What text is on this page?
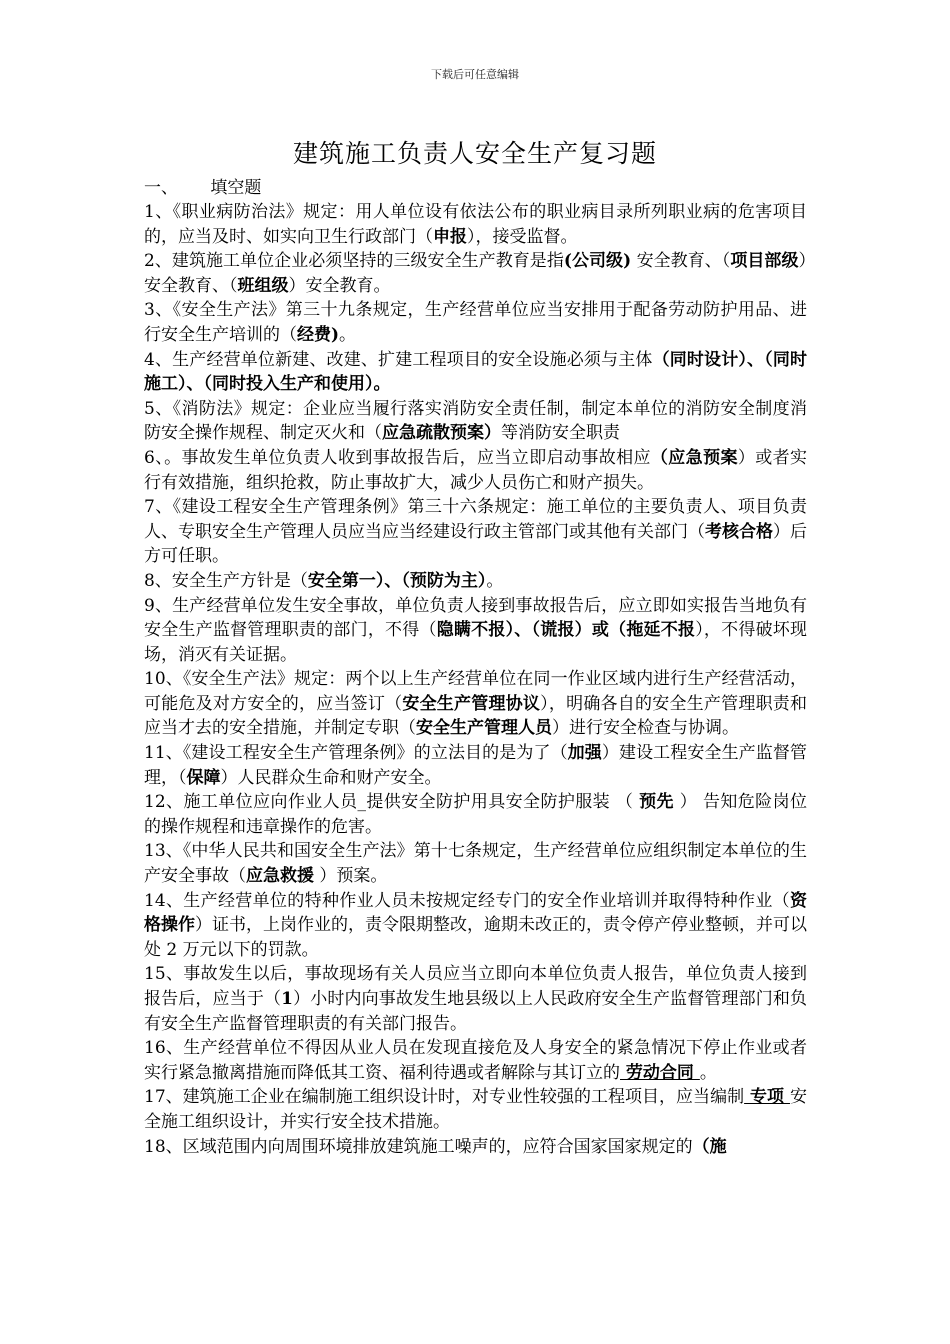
下载后可任意编辑
建筑施工负责人安全生产复习题
一、      填空题
1、《职业病防治法》规定：用人单位设有依法公布的职业病目录所列职业病的危害项目的，应当及时、如实向卫生行政部门（申报），接受监督。
2、建筑施工单位企业必须坚持的三级安全生产教育是指(公司级) 安全教育、（项目部级）安全教育、（班组级）安全教育。
3、《安全生产法》第三十九条规定，生产经营单位应当安排用于配备劳动防护用品、进行安全生产培训的（经费)。
4、生产经营单位新建、改建、扩建工程项目的安全设施必须与主体（同时设计）、（同时施工）、（同时投入生产和使用）。
5、《消防法》规定：企业应当履行落实消防安全责任制，制定本单位的消防安全制度消防安全操作规程、制定灭火和（应急疏散预案）等消防安全职责
6、。事故发生单位负责人收到事故报告后，应当立即启动事故相应（应急预案）或者实行有效措施，组织抢救，防止事故扩大，减少人员伤亡和财产损失。
7、《建设工程安全生产管理条例》第三十六条规定：施工单位的主要负责人、项目负责人、专职安全生产管理人员应当应当经建设行政主管部门或其他有关部门（考核合格）后方可任职。
8、安全生产方针是（安全第一）、（预防为主）。
9、生产经营单位发生安全事故，单位负责人接到事故报告后，应立即如实报告当地负有安全生产监督管理职责的部门，不得（隐瞒不报）、（谎报）或（拖延不报），不得破坏现场，消灭有关证据。
10、《安全生产法》规定：两个以上生产经营单位在同一作业区域内进行生产经营活动，可能危及对方安全的，应当签订（安全生产管理协议），明确各自的安全生产管理职责和应当才去的安全措施，并制定专职（安全生产管理人员）进行安全检查与协调。
11、《建设工程安全生产管理条例》的立法目的是为了（加强）建设工程安全生产监督管理，（保障）人民群众生命和财产安全。
12、施工单位应向作业人员_提供安全防护用具安全防护服装 （ 预先 ） 告知危险岗位的操作规程和违章操作的危害。
13、《中华人民共和国安全生产法》第十七条规定，生产经营单位应组织制定本单位的生产安全事故（应急救援 ）预案。
14、生产经营单位的特种作业人员未按规定经专门的安全作业培训并取得特种作业（资格操作）证书，上岗作业的，责令限期整改，逾期未改正的，责令停产停业整顿，并可以处 2 万元以下的罚款。
15、事故发生以后，事故现场有关人员应当立即向本单位负责人报告，单位负责人接到报告后，应当于（1）小时内向事故发生地县级以上人民政府安全生产监督管理部门和负有安全生产监督管理职责的有关部门报告。
16、生产经营单位不得因从业人员在发现直接危及人身安全的紧急情况下停止作业或者实行紧急撤离措施而降低其工资、福利待遇或者解除与其订立的 劳动合同 。
17、建筑施工企业在编制施工组织设计时，对专业性较强的工程项目，应当编制 专项 安全施工组织设计，并实行安全技术措施。
18、区域范围内向周围环境排放建筑施工噪声的，应符合国家国家规定的（施
